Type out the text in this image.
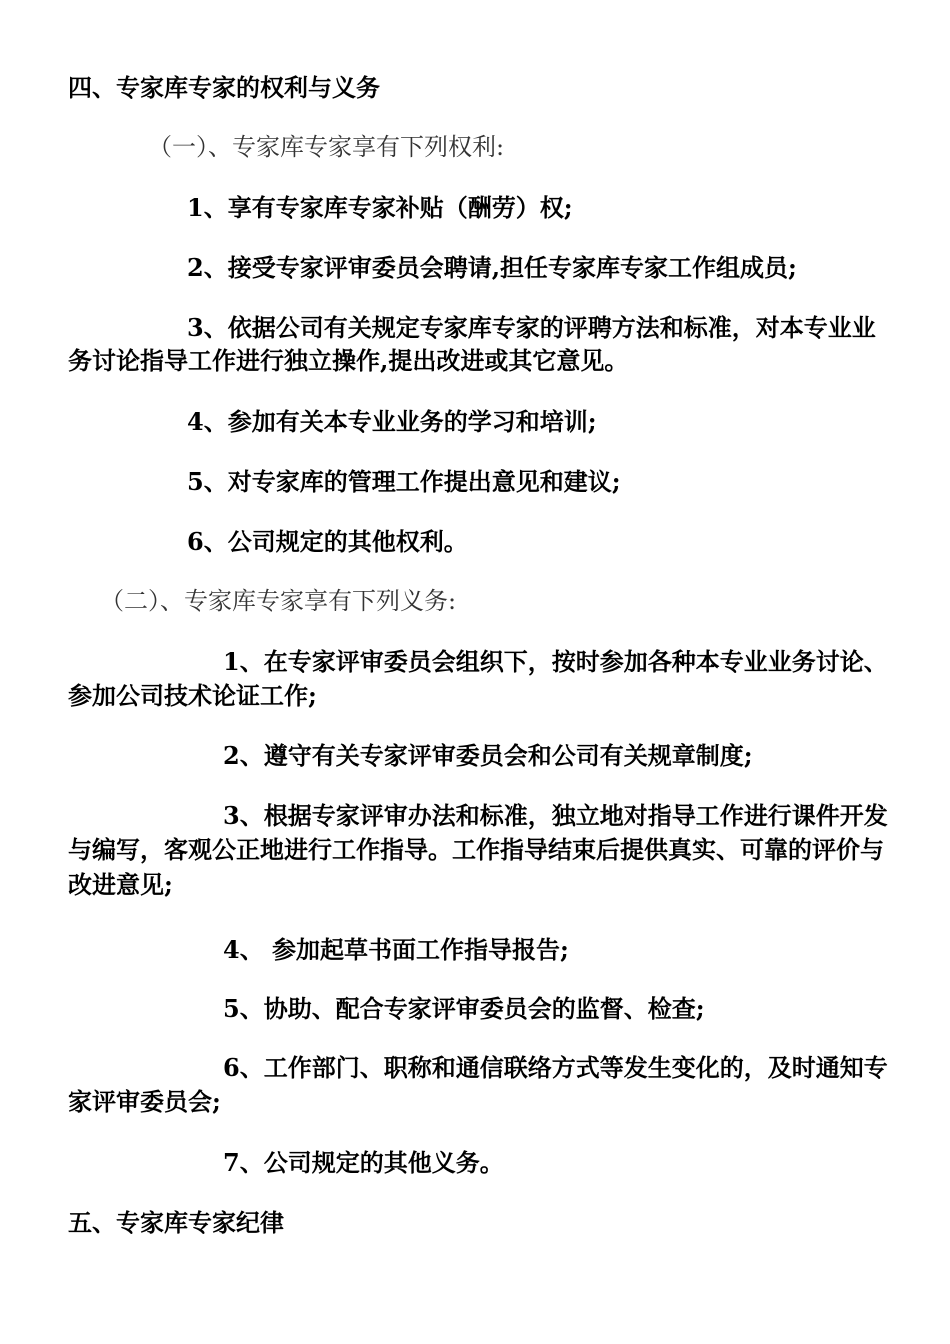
四、专家库专家的权利与义务
（一）、专家库专家享有下列权利:
1、享有专家库专家补贴（酬劳）权;
2、接受专家评审委员会聘请,担任专家库专家工作组成员;
3、依据公司有关规定专家库专家的评聘方法和标准，对本专业业
务讨论指导工作进行独立操作,提出改进或其它意见。
4、参加有关本专业业务的学习和培训;
5、对专家库的管理工作提出意见和建议;
6、公司规定的其他权利。
（二）、专家库专家享有下列义务:
1、在专家评审委员会组织下，按时参加各种本专业业务讨论、
参加公司技术论证工作;
2、遵守有关专家评审委员会和公司有关规章制度;
3、根据专家评审办法和标准，独立地对指导工作进行课件开发
与编写，客观公正地进行工作指导。工作指导结束后提供真实、可靠的评价与
改进意见;
4、 参加起草书面工作指导报告;
5、协助、配合专家评审委员会的监督、检查;
6、工作部门、职称和通信联络方式等发生变化的，及时通知专
家评审委员会;
7、公司规定的其他义务。
五、专家库专家纪律
